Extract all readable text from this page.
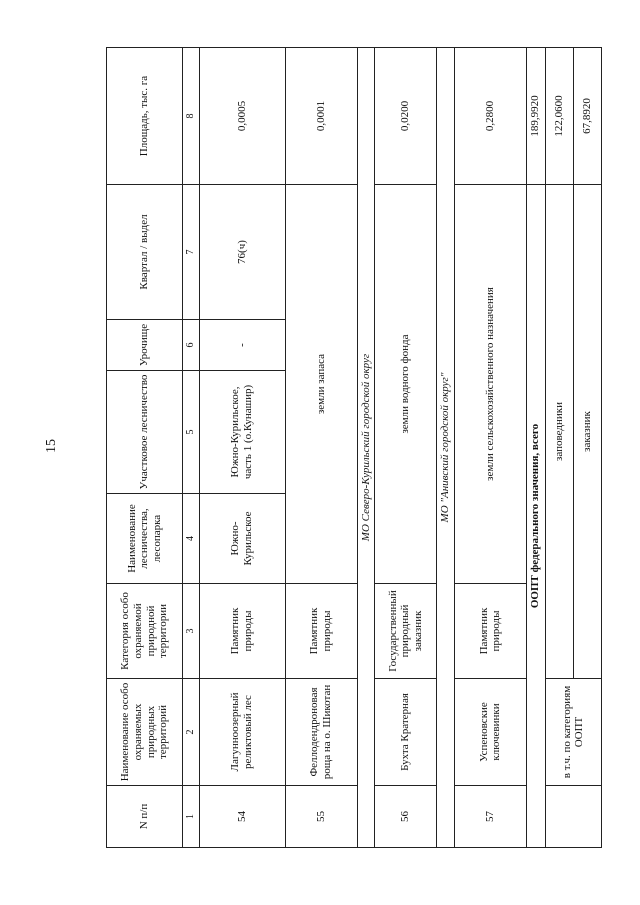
15
N п/п	Наименование особо охраняемых природных территорий	Категория особо охраняемой природной территории	Наименование лесничества, лесопарка	Участковое лесничество	Урочище	Квартал / выдел	Площадь, тыс. га
1	2	3	4	5	6	7	8
54	Лагунноозерный реликтовый лес	Памятник природы	Южно-Курильское	Южно-Курильское, часть 1 (о.Кунашир)	-	76(ч)	0,0005
55	Феллодендроновая роща на о. Шикотан	Памятник природы	земли запаса				0,0001
МО Северо-Курильский городской округ							
56	Бухта Кратерная	Государственный природный заказник	земли водного фонда				0,0200
МО "Анивский городской округ"							
57	Успеновские ключевинки	Памятник природы	земли сельскохозяйственного назначения				0,2800
ООПТ федерального значения, всего							189,9920
	в т.ч. по категориям ООПТ	заповедники					122,0600
		заказник					67,8920
